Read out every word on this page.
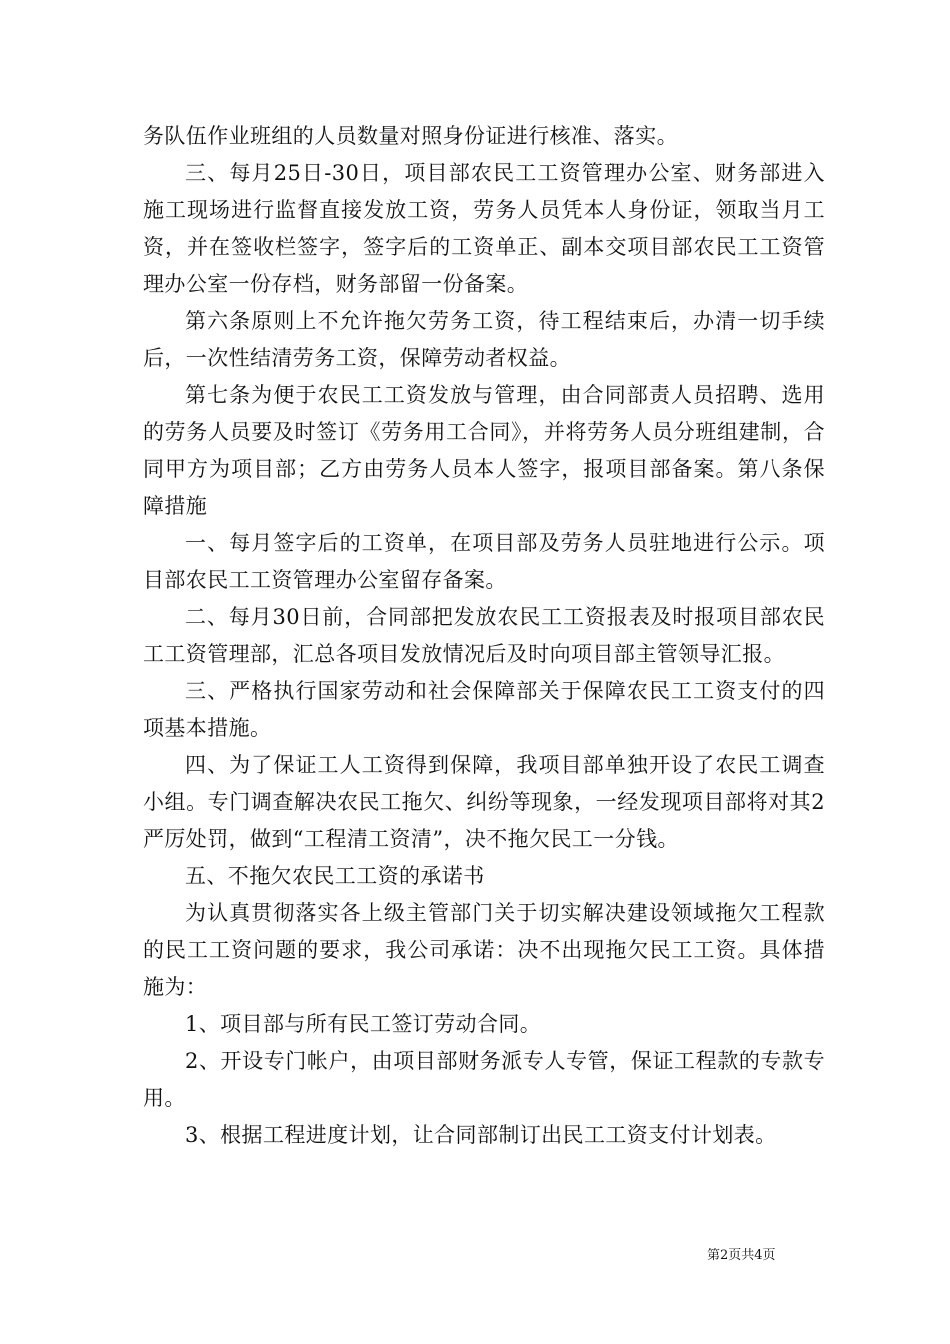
务队伍作业班组的人员数量对照身份证进行核准、落实。

三、每月25日-30日，项目部农民工工资管理办公室、财务部进入施工现场进行监督直接发放工资，劳务人员凭本人身份证，领取当月工资，并在签收栏签字，签字后的工资单正、副本交项目部农民工工资管理办公室一份存档，财务部留一份备案。

第六条原则上不允许拖欠劳务工资，待工程结束后，办清一切手续后，一次性结清劳务工资，保障劳动者权益。

第七条为便于农民工工资发放与管理，由合同部责人员招聘、选用的劳务人员要及时签订《劳务用工合同》，并将劳务人员分班组建制，合同甲方为项目部；乙方由劳务人员本人签字，报项目部备案。第八条保障措施

一、每月签字后的工资单，在项目部及劳务人员驻地进行公示。项目部农民工工资管理办公室留存备案。

二、每月30日前，合同部把发放农民工工资报表及时报项目部农民工工资管理部，汇总各项目发放情况后及时向项目部主管领导汇报。

三、严格执行国家劳动和社会保障部关于保障农民工工资支付的四项基本措施。

四、为了保证工人工资得到保障，我项目部单独开设了农民工调查小组。专门调查解决农民工拖欠、纠纷等现象，一经发现项目部将对其2严厉处罚，做到“工程清工资清”，决不拖欠民工一分钱。

五、不拖欠农民工工资的承诺书

为认真贯彻落实各上级主管部门关于切实解决建设领域拖欠工程款的民工工资问题的要求，我公司承诺：决不出现拖欠民工工资。具体措施为：

1、项目部与所有民工签订劳动合同。

2、开设专门帐户，由项目部财务派专人专管，保证工程款的专款专用。

3、根据工程进度计划，让合同部制订出民工工资支付计划表。

第2页共4页
